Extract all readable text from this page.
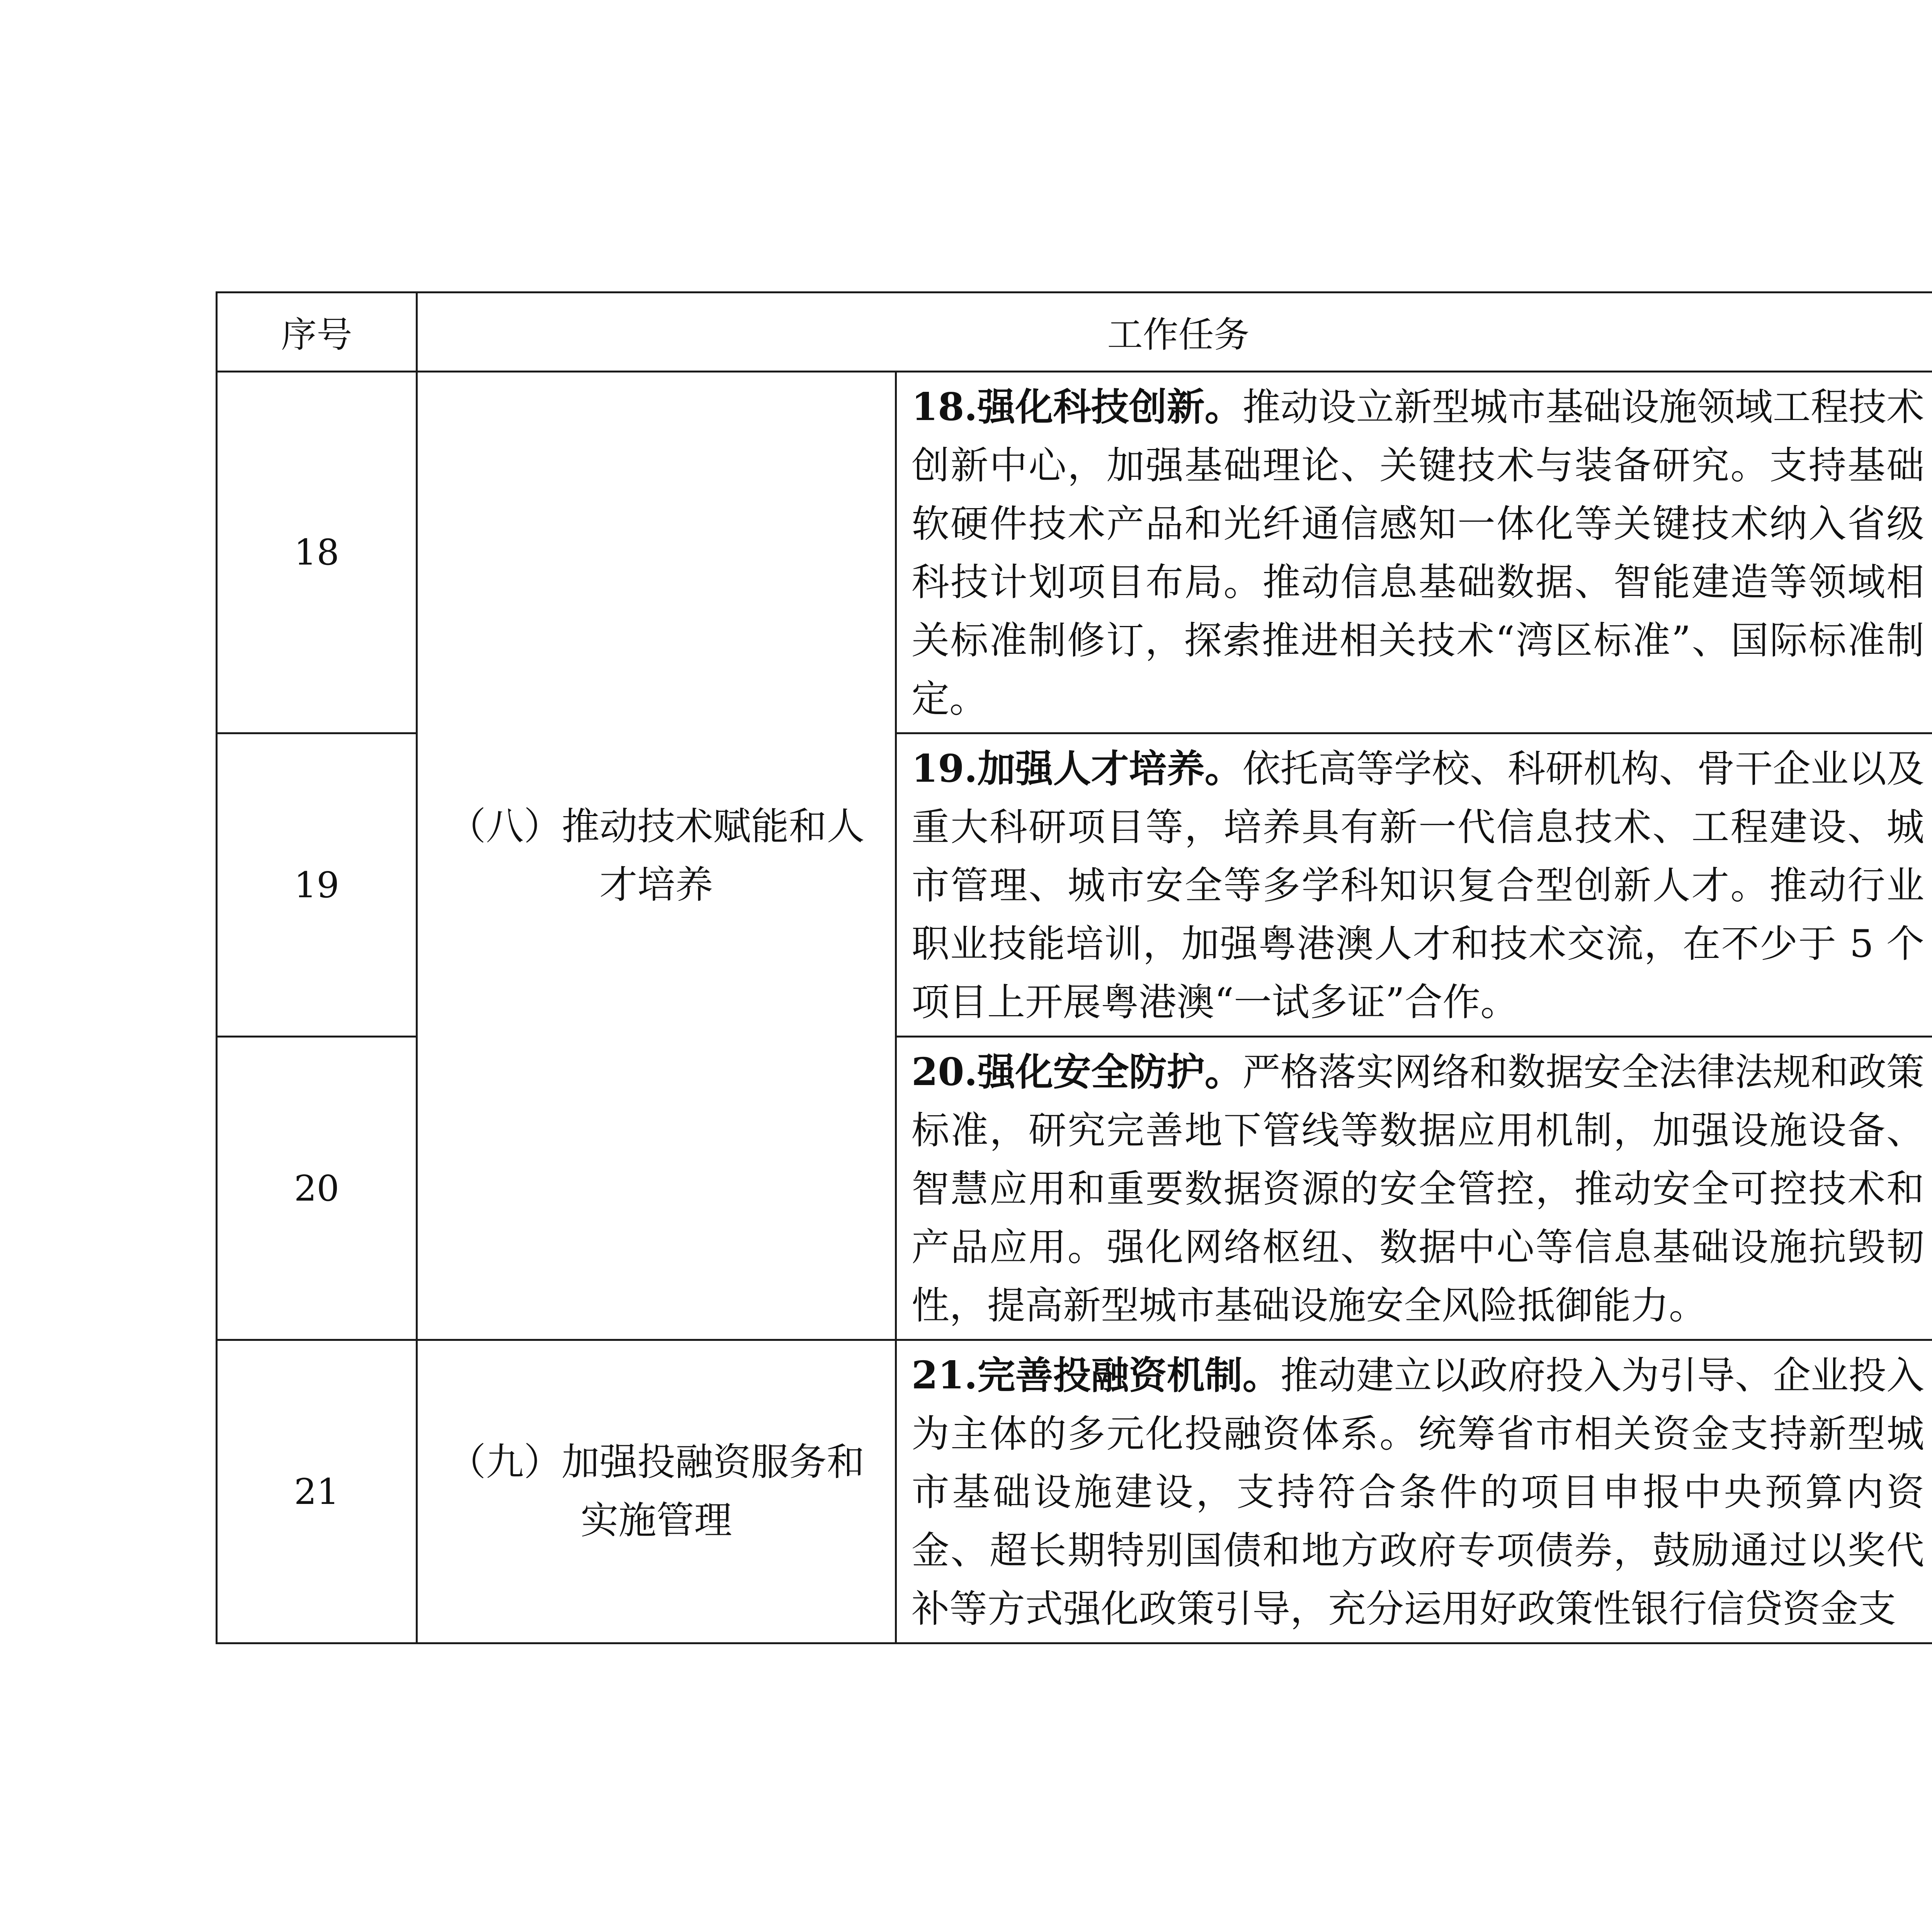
序号	工作任务	
18	（八）推动技术赋能和人才培养	18.强化科技创新。推动设立新型城市基础设施领域工程技术创新中心，加强基础理论、关键技术与装备研究。支持基础软硬件技术产品和光纤通信感知一体化等关键技术纳入省级科技计划项目布局。推动信息基础数据、智能建造等领域相关标准制修订，探索推进相关技术“湾区标准”、国际标准制定。	
19		19.加强人才培养。依托高等学校、科研机构、骨干企业以及重大科研项目等，培养具有新一代信息技术、工程建设、城市管理、城市安全等多学科知识复合型创新人才。推动行业职业技能培训，加强粤港澳人才和技术交流，在不少于 5 个项目上开展粤港澳“一试多证”合作。	
20		20.强化安全防护。严格落实网络和数据安全法律法规和政策标准，研究完善地下管线等数据应用机制，加强设施设备、智慧应用和重要数据资源的安全管控，推动安全可控技术和产品应用。强化网络枢纽、数据中心等信息基础设施抗毁韧性，提高新型城市基础设施安全风险抵御能力。	
21	（九）加强投融资服务和实施管理	21.完善投融资机制。推动建立以政府投入为引导、企业投入为主体的多元化投融资体系。统筹省市相关资金支持新型城市基础设施建设，支持符合条件的项目申报中央预算内资金、超长期特别国债和地方政府专项债券，鼓励通过以奖代补等方式强化政策引导，充分运用好政策性银行信贷资金支	
